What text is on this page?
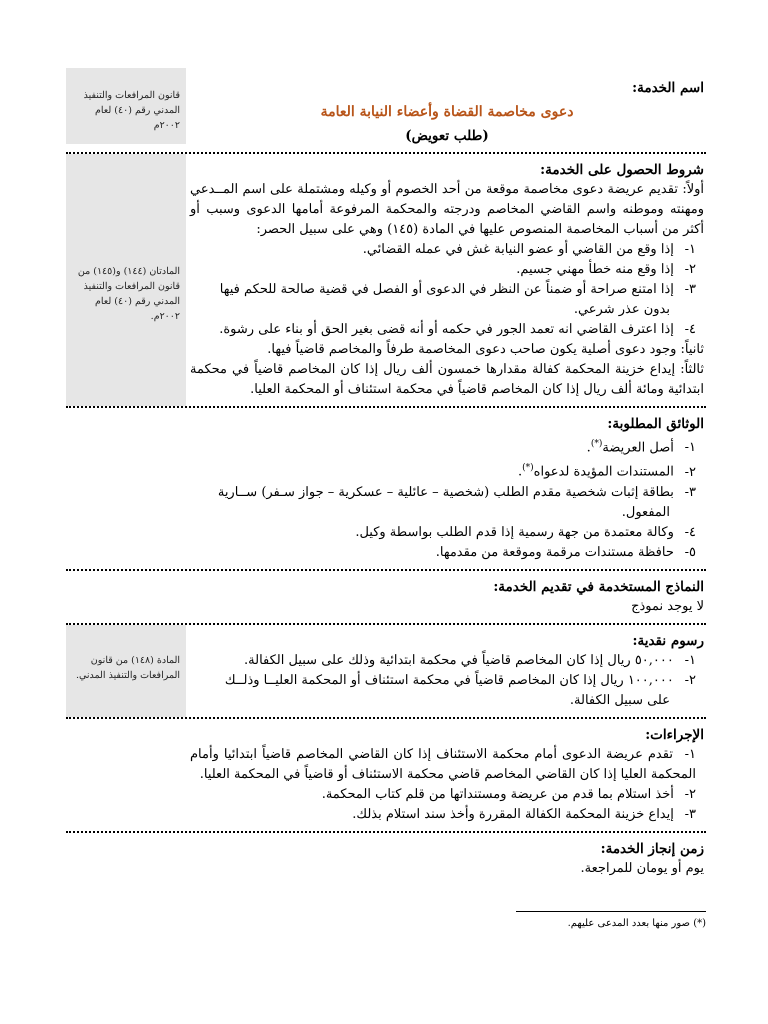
اسم الخدمة:
دعوى مخاصمة القضاة وأعضاء النيابة العامة
(طلب تعويض)
قانون المرافعات والتنفيذ المدني رقم (٤٠) لعام ٢٠٠٢م
شروط الحصول على الخدمة:
أولاً: تقديم عريضة دعوى مخاصمة موقعة من أحد الخصوم أو وكيله ومشتملة على اسم المــدعي ومهنته وموطنه واسم القاضي المخاصم ودرجته والمحكمة المرفوعة أمامها الدعوى وسبب أو أكثر من أسباب المخاصمة المنصوص عليها في المادة (١٤٥) وهي على سبيل الحصر:
١- إذا وقع من القاضي أو عضو النيابة غش في عمله القضائي.
٢- إذا وقع منه خطأ مهني جسيم.
٣- إذا امتنع صراحة أو ضمناً عن النظر في الدعوى أو الفصل في قضية صالحة للحكم فيها
بدون عذر شرعي.
٤- إذا اعترف القاضي انه تعمد الجور في حكمه أو أنه قضى بغير الحق أو بناء على رشوة.
ثانياً: وجود دعوى أصلية يكون صاحب دعوى المخاصمة طرفاً والمخاصم قاضياً فيها.
ثالثاً: إيداع خزينة المحكمة كفالة مقدارها خمسون ألف ريال إذا كان المخاصم قاضياً في محكمة ابتدائية ومائة ألف ريال إذا كان المخاصم قاضياً في محكمة استئناف أو المحكمة العليا.
المادتان (١٤٤) و(١٤٥) من قانون المرافعات والتنفيذ المدني رقم (٤٠) لعام ٢٠٠٢م.
الوثائق المطلوبة:
١- أصل العريضة(*).
٢- المستندات المؤيدة لدعواه(*).
٣- بطاقة إثبات شخصية مقدم الطلب (شخصية – عائلية – عسكرية – جواز سـفر) ســارية
المفعول.
٤- وكالة معتمدة من جهة رسمية إذا قدم الطلب بواسطة وكيل.
٥- حافظة مستندات مرقمة وموقعة من مقدمها.
النماذج المستخدمة في تقديم الخدمة:
لا يوجد نموذج
رسوم نقدية:
١- ٥٠,٠٠٠ ريال إذا كان المخاصم قاضياً في محكمة ابتدائية وذلك على سبيل الكفالة.
٢- ١٠٠,٠٠٠ ريال إذا كان المخاصم قاضياً في محكمة استئناف أو المحكمة العليــا وذلــك
على سبيل الكفالة.
المادة (١٤٨) من قانون المرافعات والتنفيذ المدني.
الإجراءات:
١- تقدم عريضة الدعوى أمام محكمة الاستئناف إذا كان القاضي المخاصم قاضياً ابتدائيا وأمام المحكمة العليا إذا كان القاضي المخاصم قاضي محكمة الاستئناف أو قاضياً في المحكمة العليا.
٢- أخذ استلام بما قدم من عريضة ومستنداتها من قلم كتاب المحكمة.
٣- إيداع خزينة المحكمة الكفالة المقررة وأخذ سند استلام بذلك.
زمن إنجاز الخدمة:
يوم أو يومان للمراجعة.
(*) صور منها بعدد المدعى عليهم.
